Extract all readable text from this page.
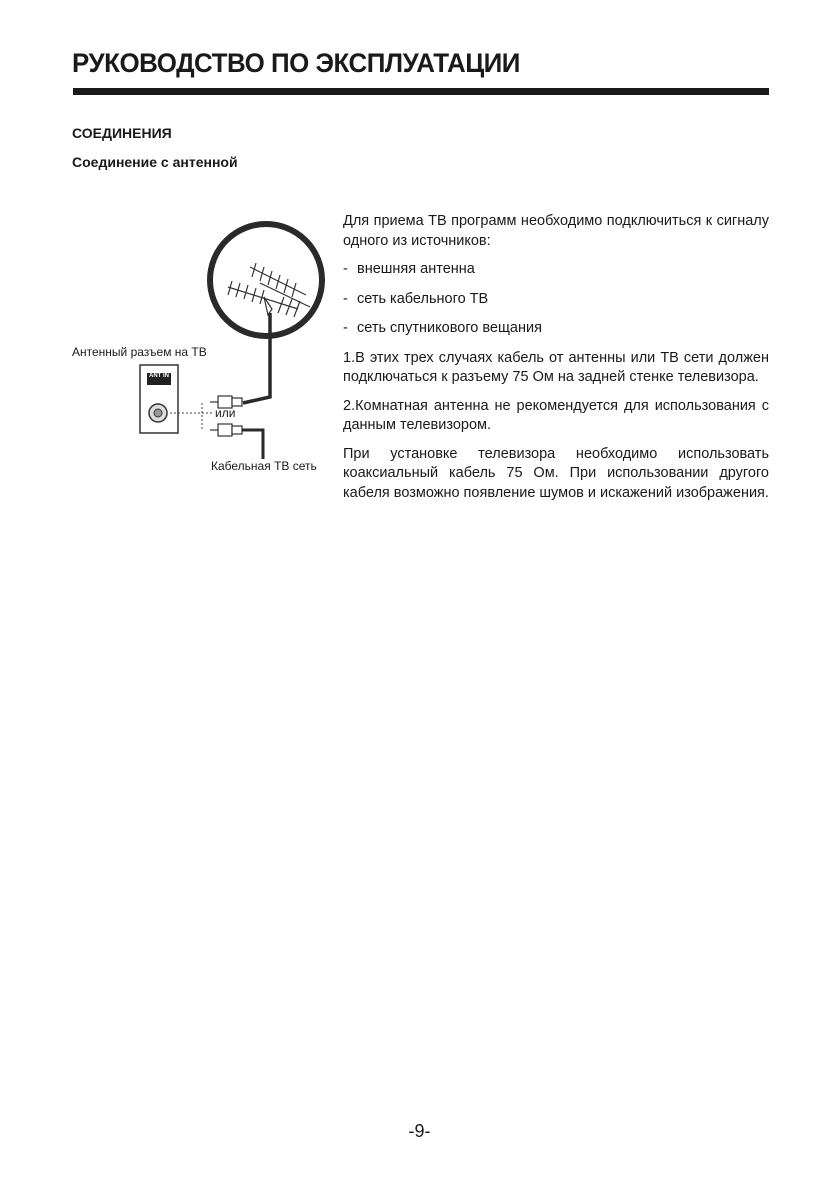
РУКОВОДСТВО ПО ЭКСПЛУАТАЦИИ
СОЕДИНЕНИЯ
Соединение с антенной
Антенный разъем на ТВ
ANT IN
или
Кабельная ТВ сеть

Для приема ТВ программ необходимо подключиться к сигналу одного из источников:

- внешняя антенна
- сеть кабельного ТВ
- сеть спутникового вещания

1.В этих трех случаях кабель от антенны или ТВ сети должен подключаться к разъему 75 Ом на задней стенке телевизора.

2.Комнатная антенна не рекомендуется для использования с данным телевизором.

При установке телевизора необходимо использовать коаксиальный кабель 75 Ом. При использовании другого кабеля возможно появление шумов и искажений изображения.

-9-
